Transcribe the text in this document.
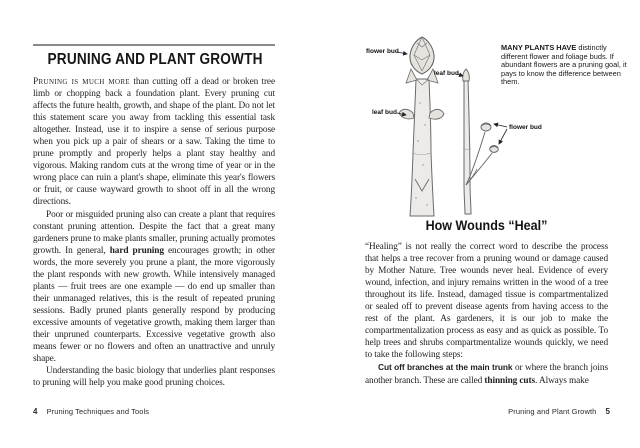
PRUNING AND PLANT GROWTH

Pruning is much more than cutting off a dead or broken tree limb or chopping back a foundation plant. Every pruning cut affects the future health, growth, and shape of the plant. Do not let this statement scare you away from tackling this essential task altogether. Instead, use it to inspire a sense of serious purpose when you pick up a pair of shears or a saw. Taking the time to prune promptly and properly helps a plant stay healthy and vigorous. Making random cuts at the wrong time of year or in the wrong place can ruin a plant's shape, eliminate this year's flowers or fruit, or cause wayward growth to shoot off in all the wrong directions.

Poor or misguided pruning also can create a plant that requires constant pruning attention. Despite the fact that a great many gardeners prune to make plants smaller, pruning actually promotes growth. In general, hard pruning encourages growth; in other words, the more severely you prune a plant, the more vigorously the plant responds with new growth. While intensively managed plants — fruit trees are one example — do end up smaller than their unmanaged relatives, this is the result of repeated pruning sessions. Badly pruned plants generally respond by producing excessive amounts of vegetative growth, making them larger than their unpruned counterparts. Excessive vegetative growth also means fewer or no flowers and often an unattractive and unruly shape.

Understanding the basic biology that underlies plant responses to pruning will help you make good pruning choices.

4 Pruning Techniques and Tools
flower bud
leaf bud
leaf bud
flower bud
MANY PLANTS HAVE distinctly different flower and foliage buds. If abundant flowers are a pruning goal, it pays to know the difference between them.
How Wounds “Heal”

“Healing” is not really the correct word to describe the process that helps a tree recover from a pruning wound or damage caused by Mother Nature. Tree wounds never heal. Evidence of every wound, infection, and injury remains written in the wood of a tree throughout its life. Instead, damaged tissue is compartmentalized or sealed off to prevent disease agents from having access to the rest of the plant. As gardeners, it is our job to make the compartmentalization process as easy and as quick as possible. To help trees and shrubs compartmentalize wounds quickly, we need to take the following steps:

Cut off branches at the main trunk or where the branch joins another branch. These are called thinning cuts. Always make

Pruning and Plant Growth 5
